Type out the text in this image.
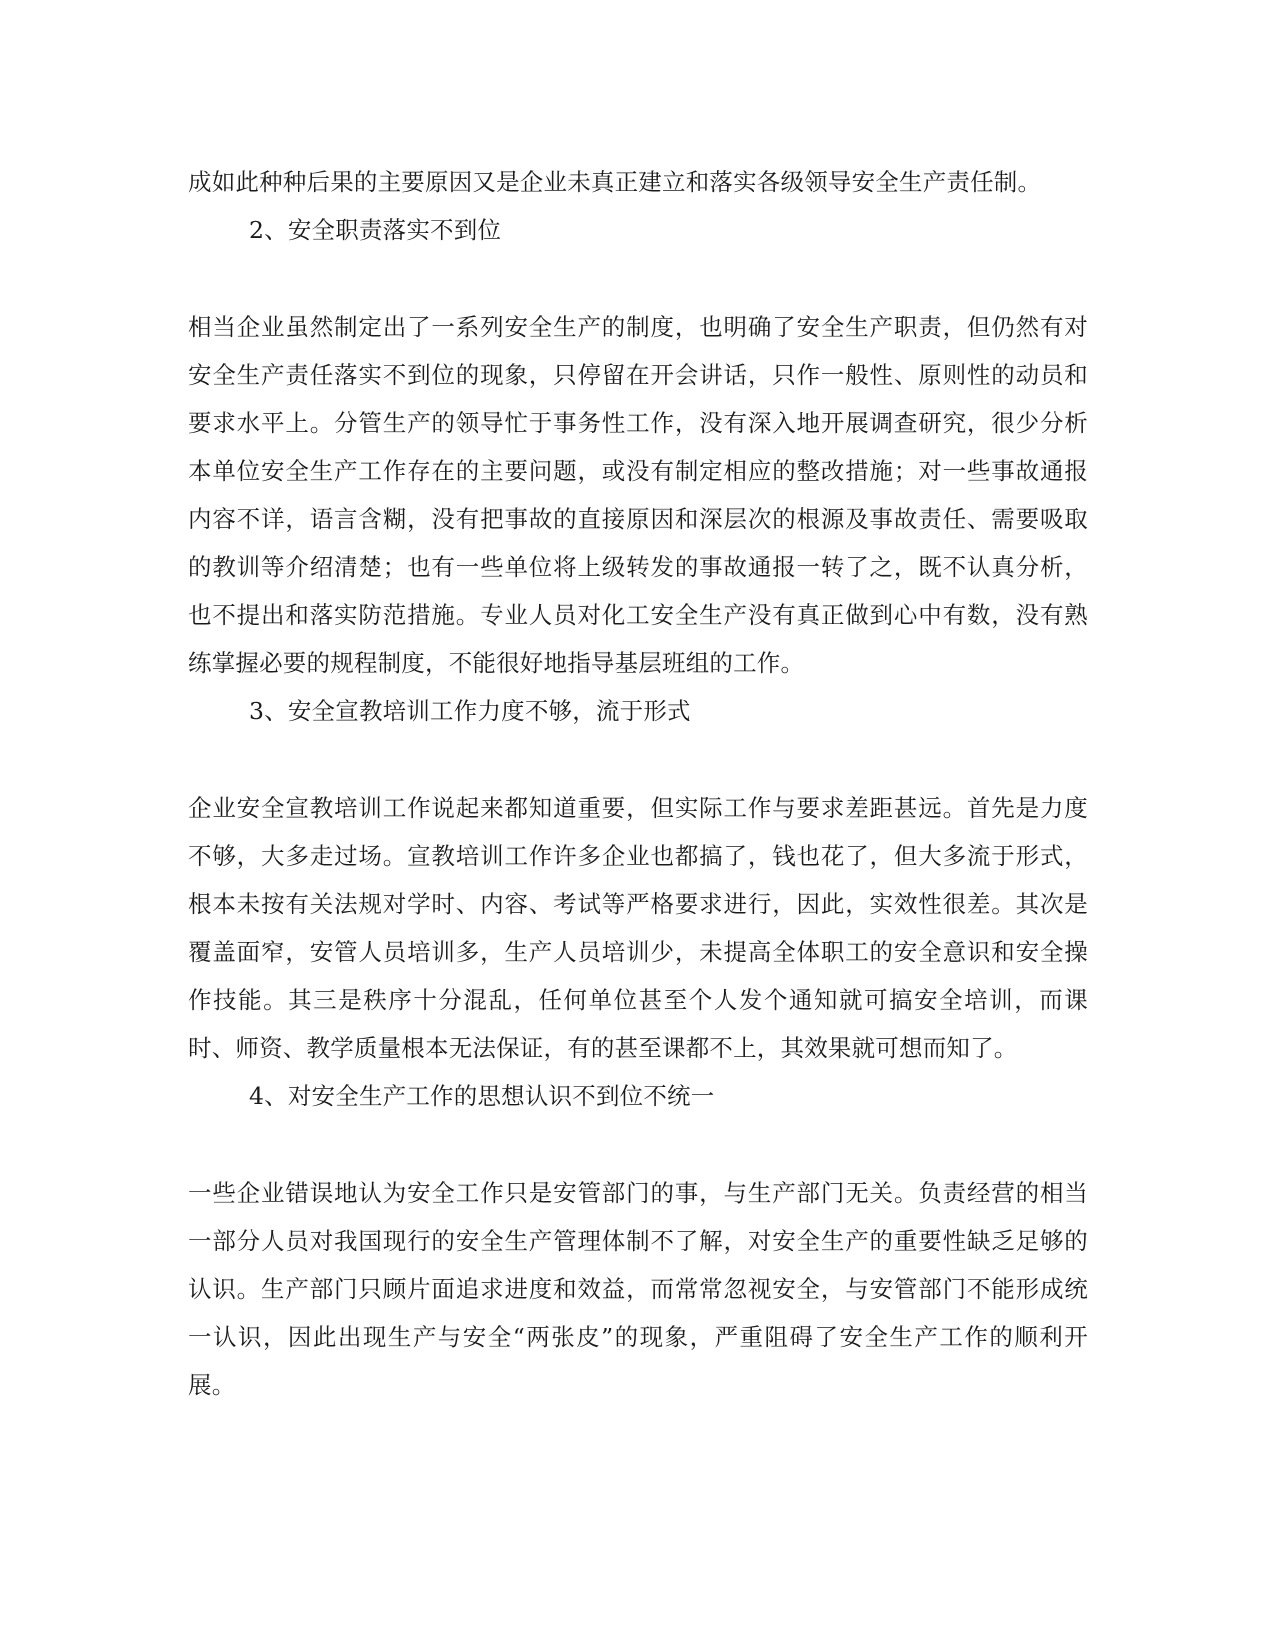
成如此种种后果的主要原因又是企业未真正建立和落实各级领导安全生产责任制。

2、安全职责落实不到位

相当企业虽然制定出了一系列安全生产的制度，也明确了安全生产职责，但仍然有对安全生产责任落实不到位的现象，只停留在开会讲话，只作一般性、原则性的动员和要求水平上。分管生产的领导忙于事务性工作，没有深入地开展调查研究，很少分析本单位安全生产工作存在的主要问题，或没有制定相应的整改措施；对一些事故通报内容不详，语言含糊，没有把事故的直接原因和深层次的根源及事故责任、需要吸取的教训等介绍清楚；也有一些单位将上级转发的事故通报一转了之，既不认真分析，也不提出和落实防范措施。专业人员对化工安全生产没有真正做到心中有数，没有熟练掌握必要的规程制度，不能很好地指导基层班组的工作。

3、安全宣教培训工作力度不够，流于形式

企业安全宣教培训工作说起来都知道重要，但实际工作与要求差距甚远。首先是力度不够，大多走过场。宣教培训工作许多企业也都搞了，钱也花了，但大多流于形式，根本未按有关法规对学时、内容、考试等严格要求进行，因此，实效性很差。其次是覆盖面窄，安管人员培训多，生产人员培训少，未提高全体职工的安全意识和安全操作技能。其三是秩序十分混乱，任何单位甚至个人发个通知就可搞安全培训，而课时、师资、教学质量根本无法保证，有的甚至课都不上，其效果就可想而知了。

4、对安全生产工作的思想认识不到位不统一

一些企业错误地认为安全工作只是安管部门的事，与生产部门无关。负责经营的相当一部分人员对我国现行的安全生产管理体制不了解，对安全生产的重要性缺乏足够的认识。生产部门只顾片面追求进度和效益，而常常忽视安全，与安管部门不能形成统一认识，因此出现生产与安全“两张皮”的现象，严重阻碍了安全生产工作的顺利开展。
